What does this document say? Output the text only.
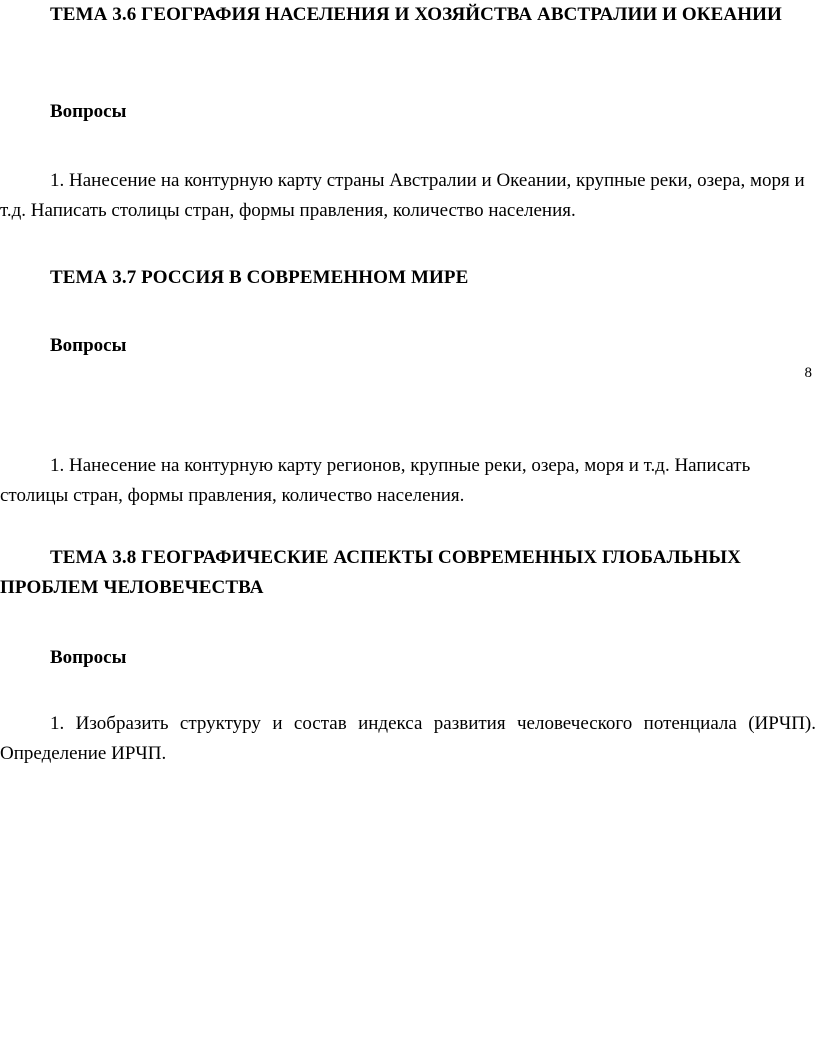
ТЕМА 3.6 ГЕОГРАФИЯ НАСЕЛЕНИЯ И ХОЗЯЙСТВА АВСТРАЛИИ И ОКЕАНИИ
Вопросы

1. Нанесение на контурную карту страны Австралии и Океании, крупные реки, озера, моря и т.д. Написать столицы стран, формы правления, количество населения.

ТЕМА 3.7 РОССИЯ В СОВРЕМЕННОМ МИРЕ
Вопросы
8

1. Нанесение на контурную карту регионов, крупные реки, озера, моря и т.д. Написать столицы стран, формы правления, количество населения.

ТЕМА 3.8 ГЕОГРАФИЧЕСКИЕ АСПЕКТЫ СОВРЕМЕННЫХ ГЛОБАЛЬНЫХ ПРОБЛЕМ ЧЕЛОВЕЧЕСТВА
Вопросы

1. Изобразить структуру и состав индекса развития человеческого потенциала (ИРЧП). Определение ИРЧП.
